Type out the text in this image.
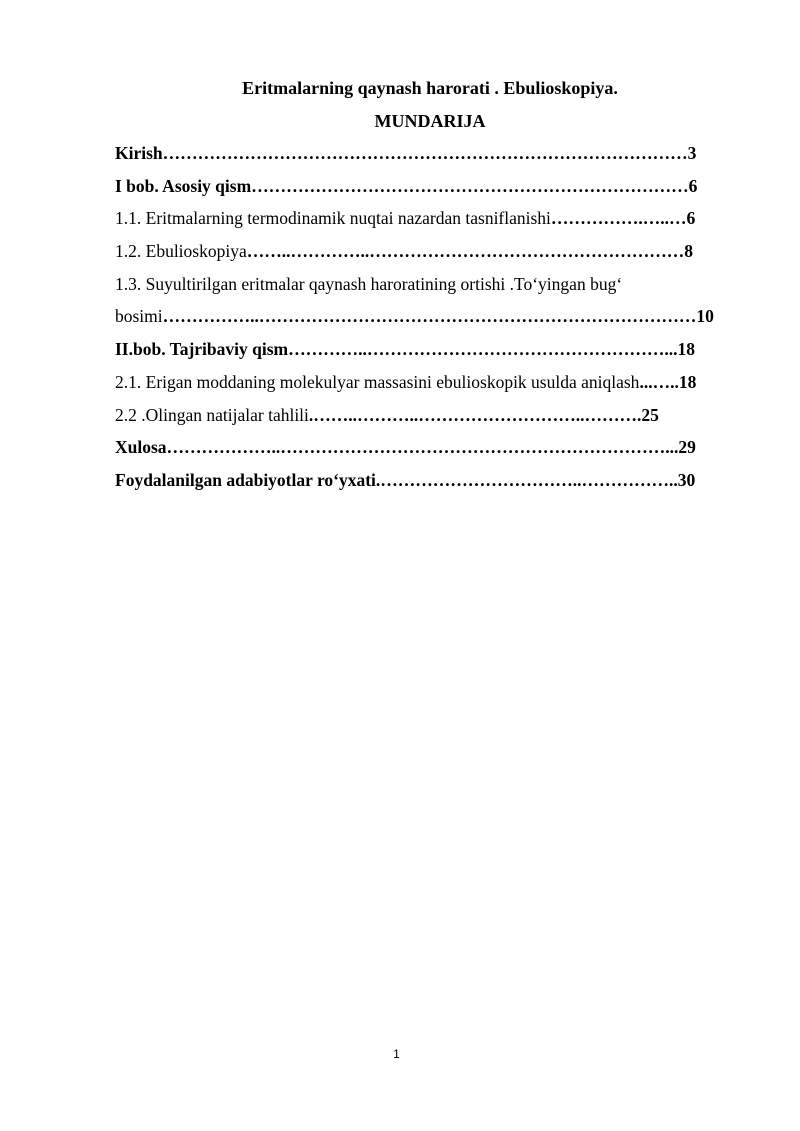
Eritmalarning qaynash harorati . Ebulioskopiya.
MUNDARIJA
Kirish………………………………………………………………………………3
I bob. Asosiy qism…………………………………………………………………6
1.1. Eritmalarning termodinamik nuqtai nazardan tasniflanishi…………….…..…6
1.2. Ebulioskopiya……..…………..………………………………………………8
1.3. Suyultirilgan eritmalar qaynash haroratining ortishi .To‘yingan bug‘
bosimi……………..…………………………………………………………………10
II.bob. Tajribaviy qism…………..……………………………………………...18
2.1. Erigan moddaning molekulyar massasini ebulioskopik usulda aniqlash...…..18
2.2 .Olingan natijalar tahlili.……..………..………………………..……….25
Xulosa………………..…………………………………………………………...29
Foydalanilgan adabiyotlar ro‘yxati.……………………………..……………..30
1
